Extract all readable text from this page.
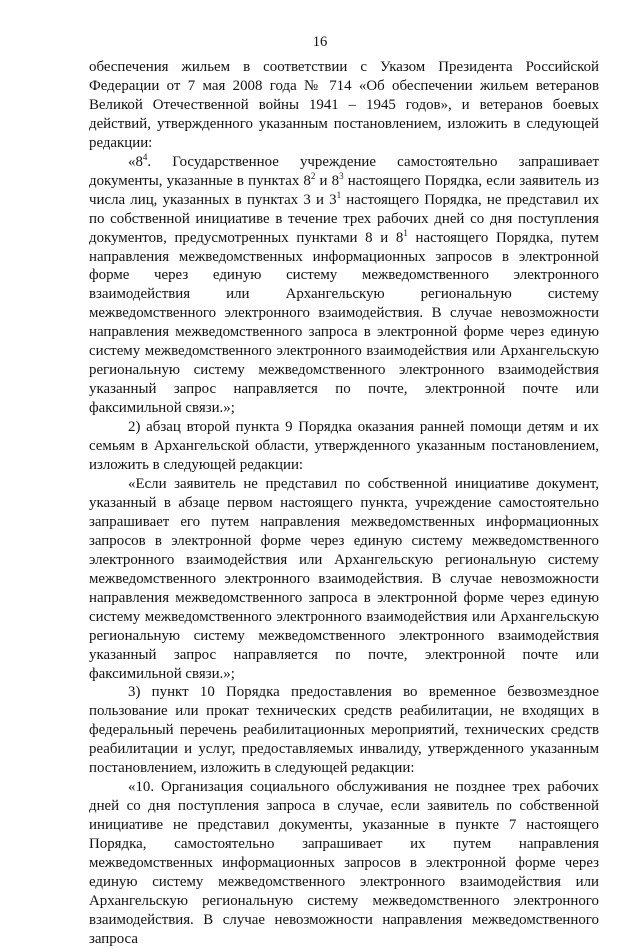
16

обеспечения жильем в соответствии с Указом Президента Российской Федерации от 7 мая 2008 года № 714 «Об обеспечении жильем ветеранов Великой Отечественной войны 1941 – 1945 годов», и ветеранов боевых действий, утвержденного указанным постановлением, изложить в следующей редакции:

«$8^4$. Государственное учреждение самостоятельно запрашивает документы, указанные в пунктах $8^2$ и $8^3$ настоящего Порядка, если заявитель из числа лиц, указанных в пунктах 3 и $3^1$ настоящего Порядка, не представил их по собственной инициативе в течение трех рабочих дней со дня поступления документов, предусмотренных пунктами 8 и $8^1$ настоящего Порядка, путем направления межведомственных информационных запросов в электронной форме через единую систему межведомственного электронного взаимодействия или Архангельскую региональную систему межведомственного электронного взаимодействия. В случае невозможности направления межведомственного запроса в электронной форме через единую систему межведомственного электронного взаимодействия или Архангельскую региональную систему межведомственного электронного взаимодействия указанный запрос направляется по почте, электронной почте или факсимильной связи.»;

2) абзац второй пункта 9 Порядка оказания ранней помощи детям и их семьям в Архангельской области, утвержденного указанным постановлением, изложить в следующей редакции:

«Если заявитель не представил по собственной инициативе документ, указанный в абзаце первом настоящего пункта, учреждение самостоятельно запрашивает его путем направления межведомственных информационных запросов в электронной форме через единую систему межведомственного электронного взаимодействия или Архангельскую региональную систему межведомственного электронного взаимодействия. В случае невозможности направления межведомственного запроса в электронной форме через единую систему межведомственного электронного взаимодействия или Архангельскую региональную систему межведомственного электронного взаимодействия указанный запрос направляется по почте, электронной почте или факсимильной связи.»;

3) пункт 10 Порядка предоставления во временное безвозмездное пользование или прокат технических средств реабилитации, не входящих в федеральный перечень реабилитационных мероприятий, технических средств реабилитации и услуг, предоставляемых инвалиду, утвержденного указанным постановлением, изложить в следующей редакции:

«10. Организация социального обслуживания не позднее трех рабочих дней со дня поступления запроса в случае, если заявитель по собственной инициативе не представил документы, указанные в пункте 7 настоящего Порядка, самостоятельно запрашивает их путем направления межведомственных информационных запросов в электронной форме через единую систему межведомственного электронного взаимодействия или Архангельскую региональную систему межведомственного электронного взаимодействия. В случае невозможности направления межведомственного запроса
